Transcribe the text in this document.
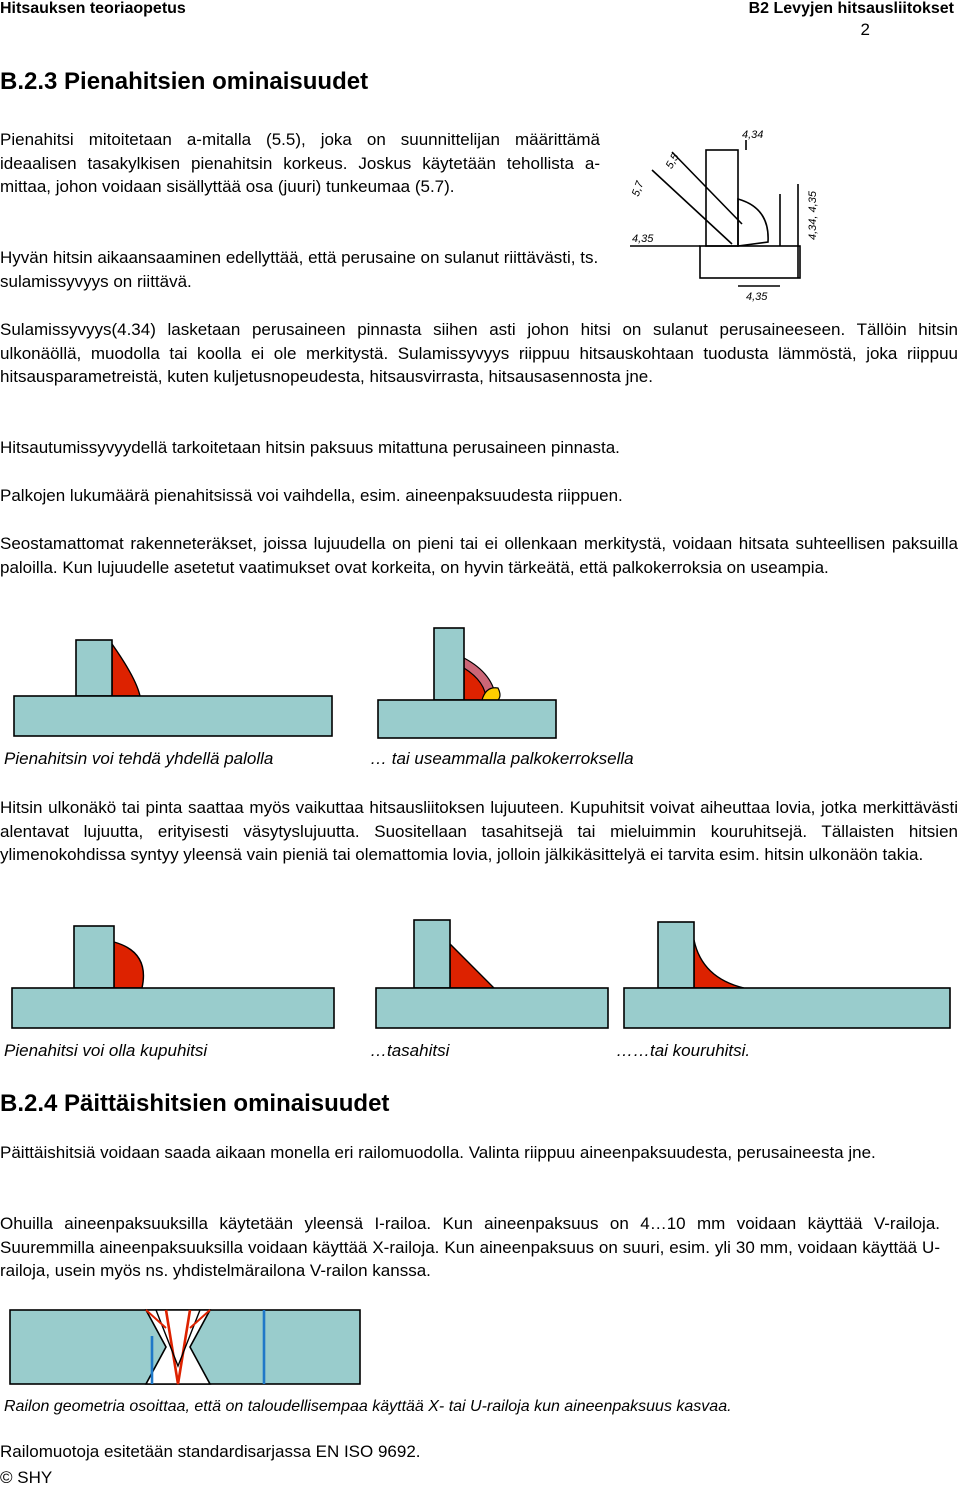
Hitsauksen teoriaopetus	B2 Levyjen hitsausliitokset
2
B.2.3 Pienahitsien ominaisuudet
Pienahitsi mitoitetaan a-mitalla (5.5), joka on suunnittelijan määrittämä ideaalisen tasakylkisen pienahitsin korkeus. Joskus käytetään tehollista a-mittaa, johon voidaan sisällyttää osa (juuri) tunkeumaa (5.7).
Hyvän hitsin aikaansaaminen edellyttää, että perusaine on sulanut riittävästi, ts. sulamissyvyys on riittävä.
4,34
5,5
5,7
4,35	4,34, 4,35
4,35
Sulamissyvyys(4.34) lasketaan perusaineen pinnasta siihen asti johon hitsi on sulanut perusaineeseen. Tällöin hitsin ulkonäöllä, muodolla tai koolla ei ole merkitystä. Sulamissyvyys riippuu hitsauskohtaan tuodusta lämmöstä, joka riippuu hitsausparametreistä, kuten kuljetusnopeudesta, hitsausvirrasta, hitsausasennosta jne.
Hitsautumissyvyydellä tarkoitetaan hitsin paksuus mitattuna perusaineen pinnasta.
Palkojen lukumäärä pienahitsissä voi vaihdella, esim. aineenpaksuudesta riippuen.
Seostamattomat rakenneteräkset, joissa lujuudella on pieni tai ei ollenkaan merkitystä, voidaan hitsata suhteellisen paksuilla paloilla. Kun lujuudelle asetetut vaatimukset ovat korkeita, on hyvin tärkeätä, että palkokerroksia on useampia.
Pienahitsin voi tehdä yhdellä palolla	… tai useammalla palkokerroksella
Hitsin ulkonäkö tai pinta saattaa myös vaikuttaa hitsausliitoksen lujuuteen. Kupuhitsit voivat aiheuttaa lovia, jotka merkittävästi alentavat lujuutta, erityisesti väsytyslujuutta. Suositellaan tasahitsejä tai mieluimmin kouruhitsejä. Tällaisten hitsien ylimenokohdissa syntyy yleensä vain pieniä tai olemattomia lovia, jolloin jälkikäsittelyä ei tarvita esim. hitsin ulkonäön takia.
Pienahitsi voi olla kupuhitsi	…tasahitsi	……tai kouruhitsi.
B.2.4 Päittäishitsien ominaisuudet
Päittäishitsiä voidaan saada aikaan monella eri railomuodolla. Valinta riippuu aineenpaksuudesta, perusaineesta jne.
Ohuilla aineenpaksuuksilla käytetään yleensä I-railoa. Kun aineenpaksuus on 4…10 mm voidaan käyttää V-railoja. Suuremmilla aineenpaksuuksilla voidaan käyttää X-railoja. Kun aineenpaksuus on suuri, esim. yli 30 mm, voidaan käyttää U-railoja, usein myös ns. yhdistelmärailona V-railon kanssa.
Railon geometria osoittaa, että on taloudellisempaa käyttää X- tai U-railoja kun aineenpaksuus kasvaa.
Railomuotoja esitetään standardisarjassa EN ISO 9692.
© SHY
